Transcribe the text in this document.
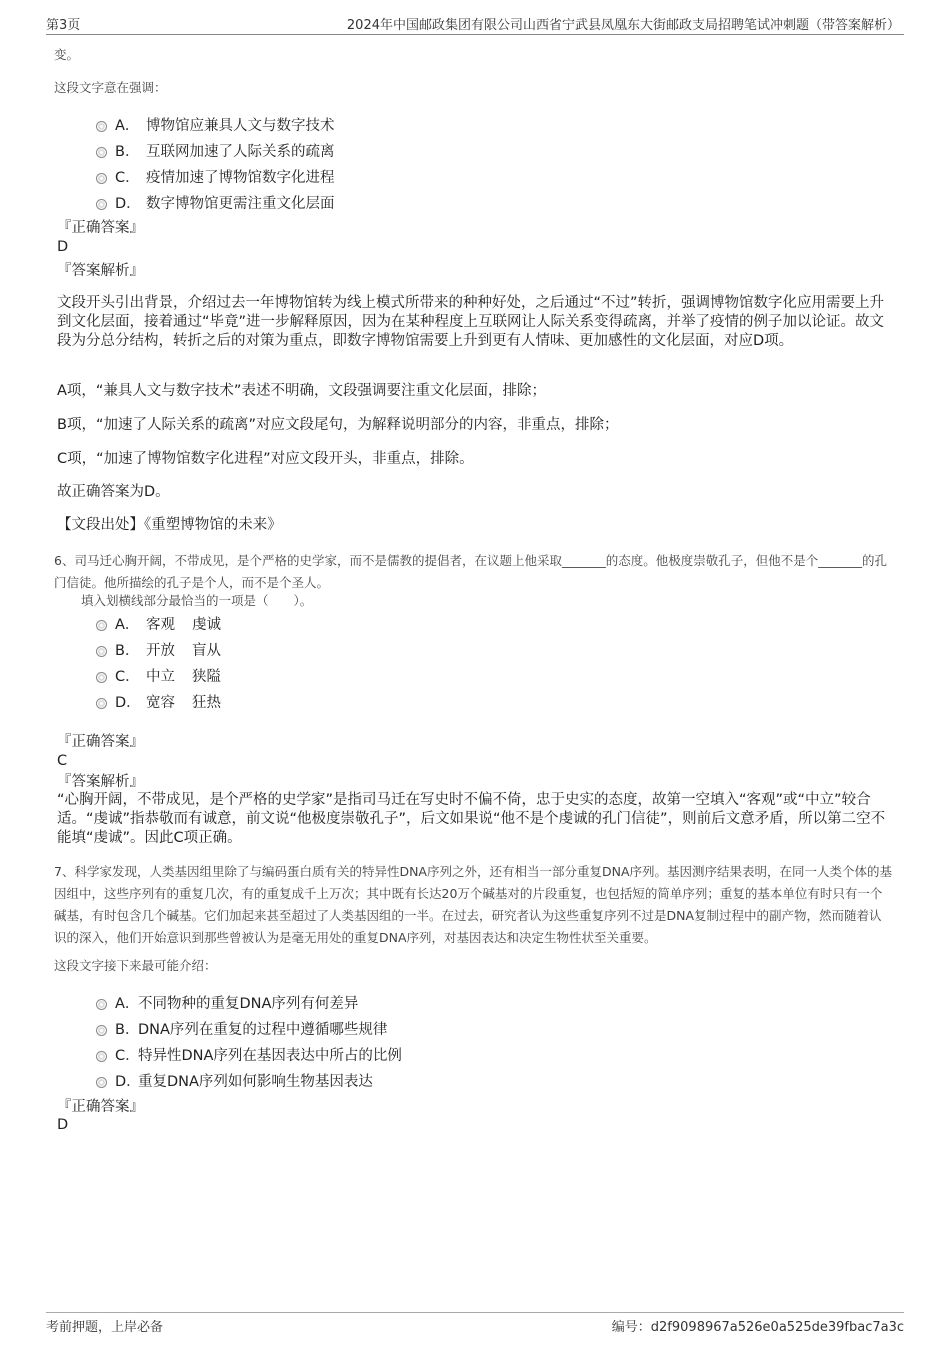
第3页	2024年中国邮政集团有限公司山西省宁武县凤凰东大街邮政支局招聘笔试冲刺题（带答案解析）
变。
这段文字意在强调：
A． 博物馆应兼具人文与数字技术
B． 互联网加速了人际关系的疏离
C． 疫情加速了博物馆数字化进程
D． 数字博物馆更需注重文化层面
『正确答案』
D
『答案解析』
文段开头引出背景，介绍过去一年博物馆转为线上模式所带来的种种好处，之后通过“不过”转折，强调博物馆数字化应用需要上升到文化层面，接着通过“毕竟”进一步解释原因，因为在某种程度上互联网让人际关系变得疏离，并举了疫情的例子加以论证。故文段为分总分结构，转折之后的对策为重点，即数字博物馆需要上升到更有人情味、更加感性的文化层面，对应D项。
A项，“兼具人文与数字技术”表述不明确，文段强调要注重文化层面，排除；
B项，“加速了人际关系的疏离”对应文段尾句，为解释说明部分的内容，非重点，排除；
C项，“加速了博物馆数字化进程”对应文段开头，非重点，排除。
故正确答案为D。
【文段出处】《重塑博物馆的未来》
6、司马迁心胸开阔，不带成见，是个严格的史学家，而不是儒教的提倡者，在议题上他采取_______的态度。他极度崇敬孔子，但他不是个_______的孔门信徒。他所描绘的孔子是个人，而不是个圣人。
填入划横线部分最恰当的一项是（　　）。
A． 客观 虔诚
B． 开放 盲从
C． 中立 狭隘
D． 宽容 狂热
『正确答案』
C
『答案解析』
“心胸开阔，不带成见，是个严格的史学家”是指司马迁在写史时不偏不倚，忠于史实的态度，故第一空填入“客观”或“中立”较合适。“虔诚”指恭敬而有诚意，前文说“他极度崇敬孔子”，后文如果说“他不是个虔诚的孔门信徒”，则前后文意矛盾，所以第二空不能填“虔诚”。因此C项正确。
7、科学家发现，人类基因组里除了与编码蛋白质有关的特异性DNA序列之外，还有相当一部分重复DNA序列。基因测序结果表明，在同一人类个体的基因组中，这些序列有的重复几次，有的重复成千上万次；其中既有长达20万个碱基对的片段重复，也包括短的简单序列；重复的基本单位有时只有一个碱基，有时包含几个碱基。它们加起来甚至超过了人类基因组的一半。在过去，研究者认为这些重复序列不过是DNA复制过程中的副产物，然而随着认识的深入，他们开始意识到那些曾被认为是毫无用处的重复DNA序列，对基因表达和决定生物性状至关重要。
这段文字接下来最可能介绍：
A．不同物种的重复DNA序列有何差异
B．DNA序列在重复的过程中遵循哪些规律
C．特异性DNA序列在基因表达中所占的比例
D．重复DNA序列如何影响生物基因表达
『正确答案』
D
考前押题，上岸必备	编号：d2f9098967a526e0a525de39fbac7a3c
